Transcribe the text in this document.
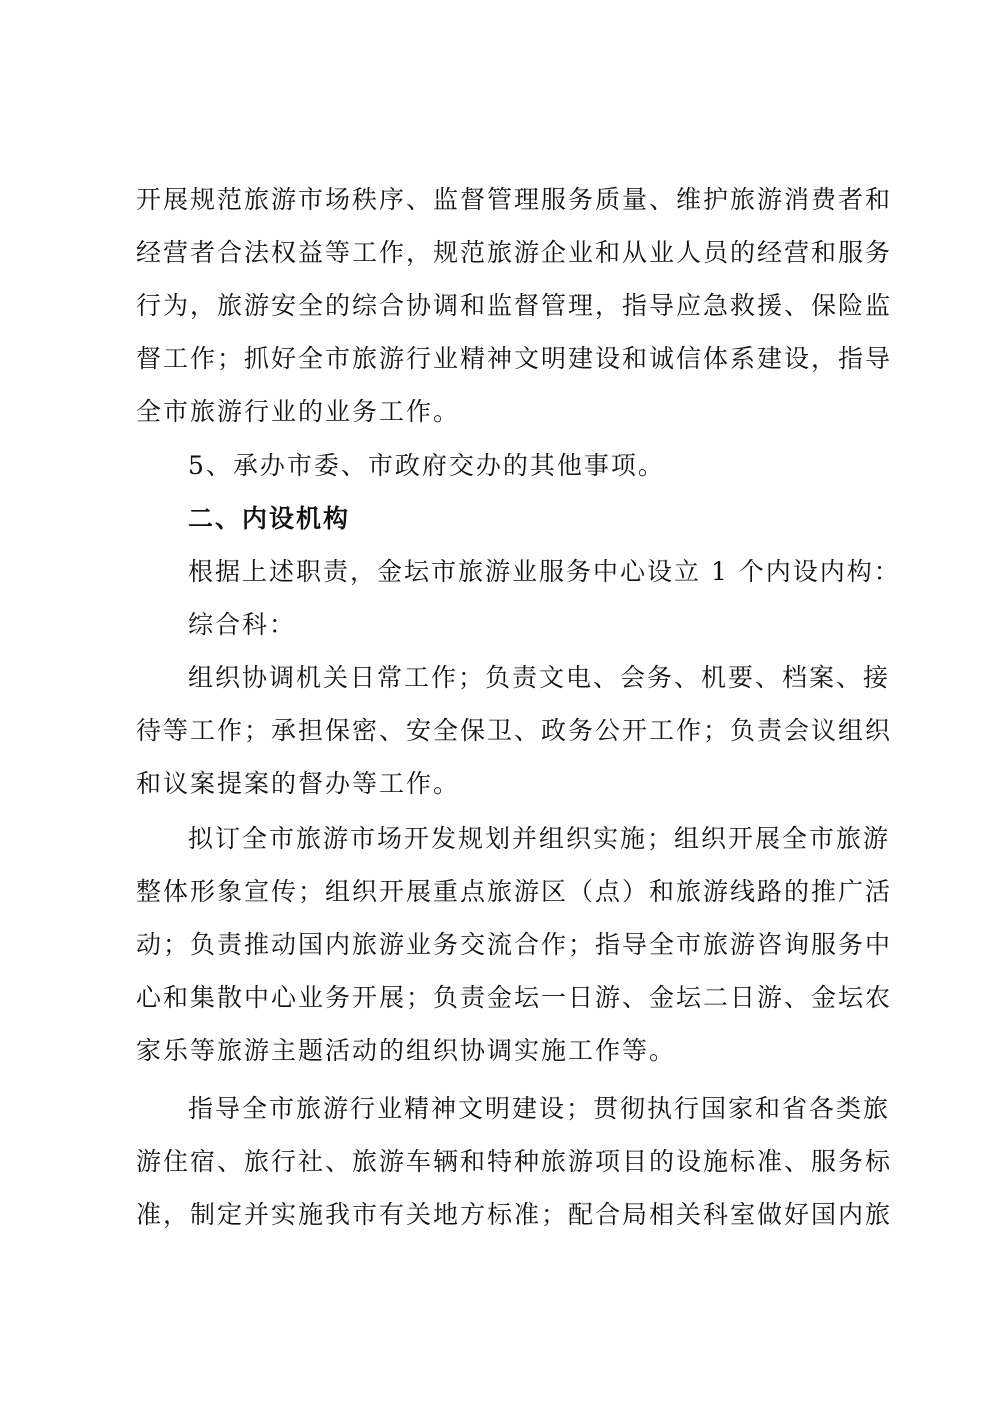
开展规范旅游市场秩序、监督管理服务质量、维护旅游消费者和
经营者合法权益等工作，规范旅游企业和从业人员的经营和服务
行为，旅游安全的综合协调和监督管理，指导应急救援、保险监
督工作；抓好全市旅游行业精神文明建设和诚信体系建设，指导
全市旅游行业的业务工作。
5、承办市委、市政府交办的其他事项。
二、内设机构
根据上述职责，金坛市旅游业服务中心设立 1 个内设内构：
综合科：
组织协调机关日常工作；负责文电、会务、机要、档案、接
待等工作；承担保密、安全保卫、政务公开工作；负责会议组织
和议案提案的督办等工作。
拟订全市旅游市场开发规划并组织实施；组织开展全市旅游
整体形象宣传；组织开展重点旅游区（点）和旅游线路的推广活
动；负责推动国内旅游业务交流合作；指导全市旅游咨询服务中
心和集散中心业务开展；负责金坛一日游、金坛二日游、金坛农
家乐等旅游主题活动的组织协调实施工作等。
指导全市旅游行业精神文明建设；贯彻执行国家和省各类旅
游住宿、旅行社、旅游车辆和特种旅游项目的设施标准、服务标
准，制定并实施我市有关地方标准；配合局相关科室做好国内旅
